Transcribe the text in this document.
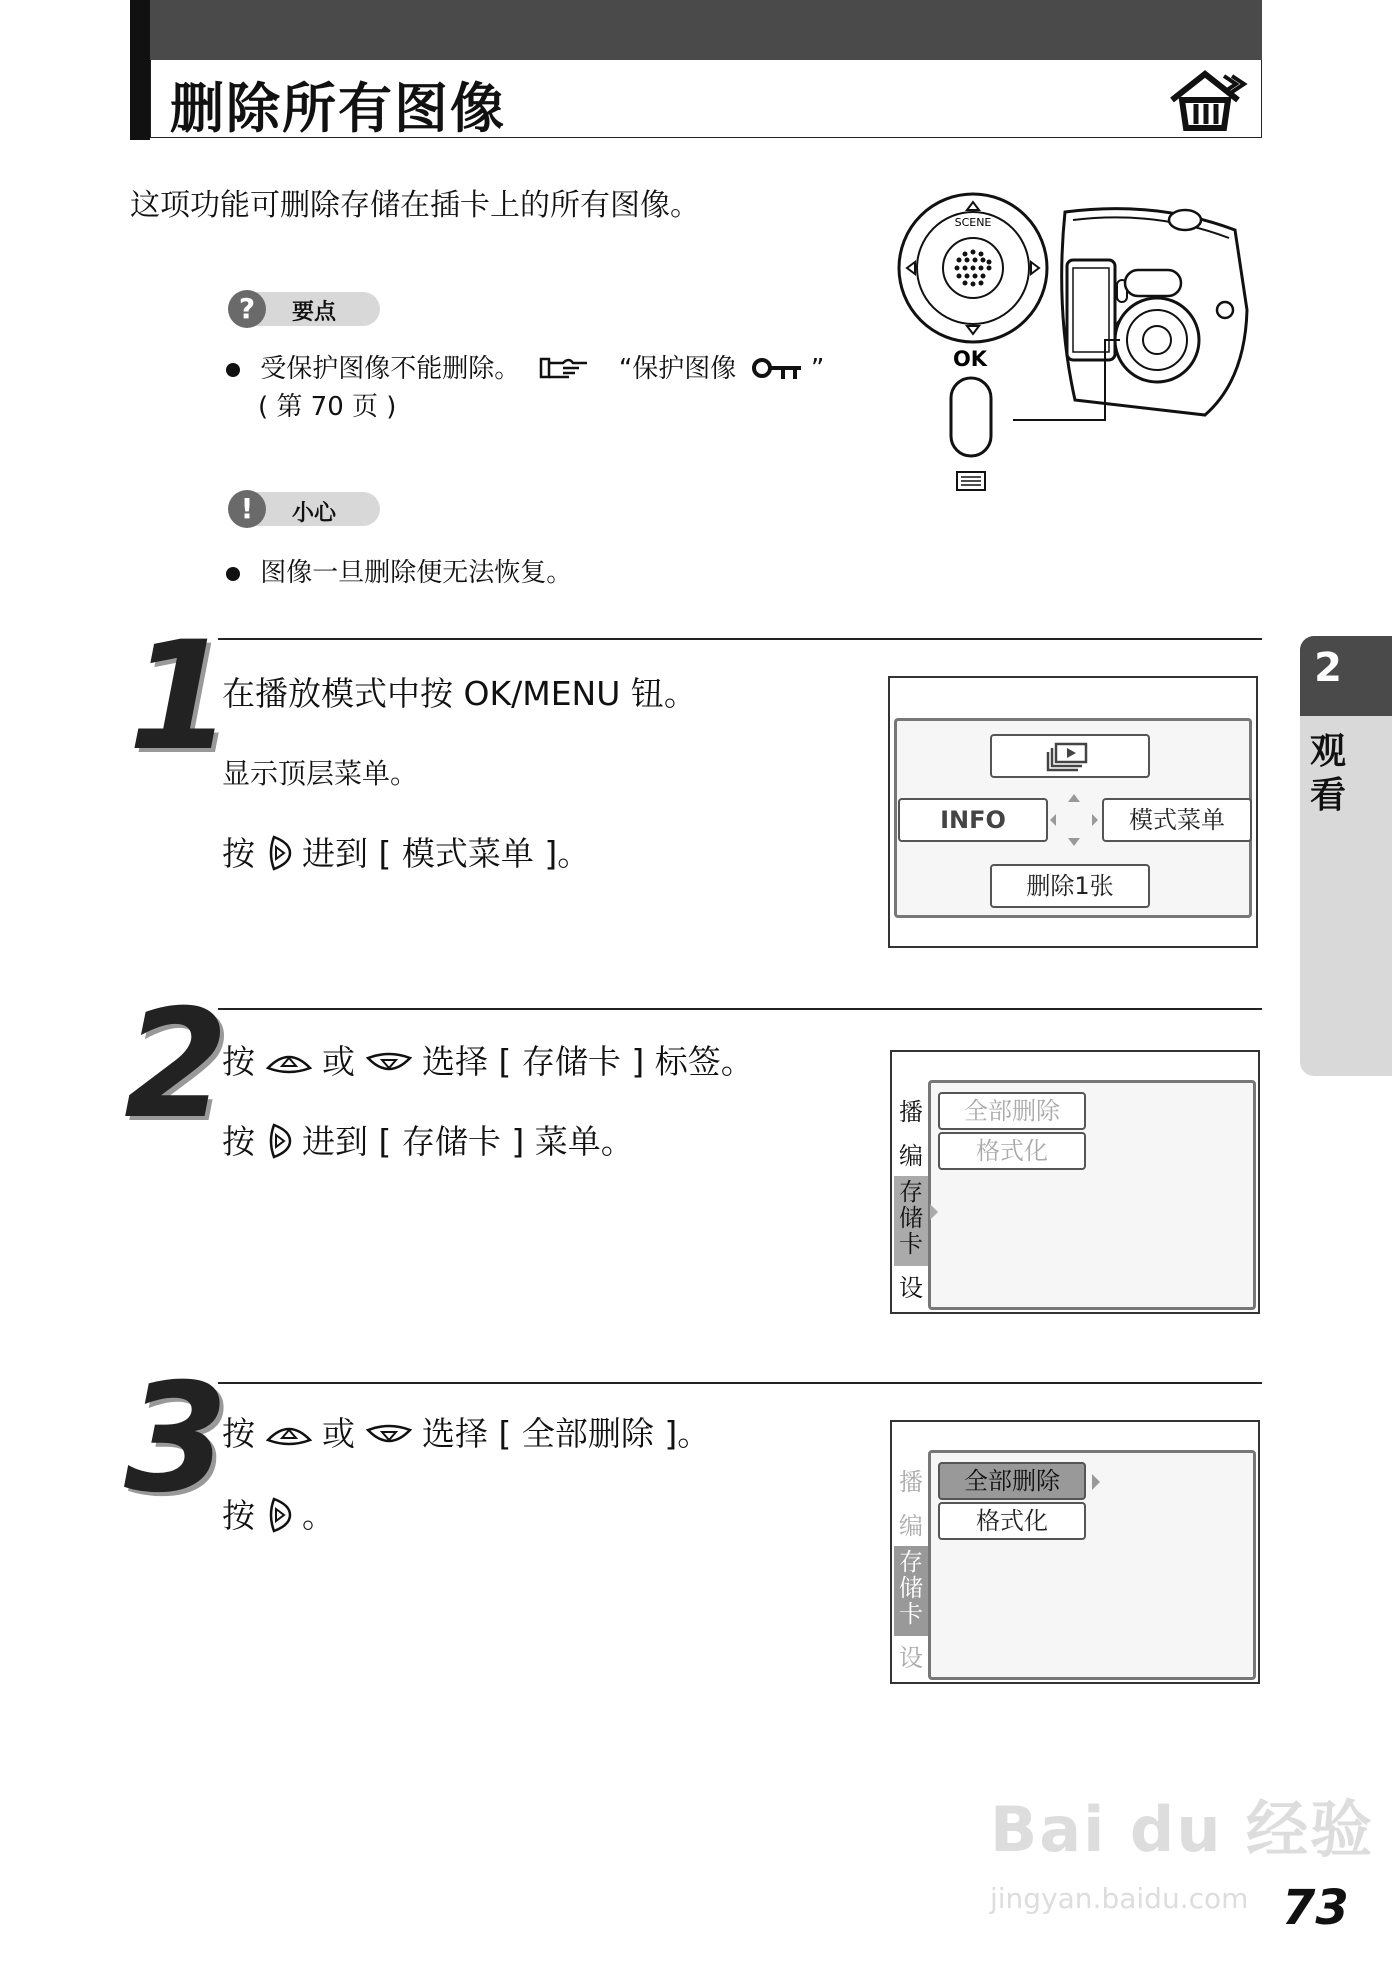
删除所有图像
这项功能可删除存储在插卡上的所有图像。
?	要点
受保护图像不能删除。	“保护图像	”
( 第 70 页 )
!	小心
图像一旦删除便无法恢复。
SCENE
OK
1
在播放模式中按 OK/MENU 钮。
显示顶层菜单。
按 进到 [ 模式菜单 ]。
INFO	模式菜单
删除1张
2
按 或 选择 [ 存储卡 ] 标签。
按 进到 [ 存储卡 ] 菜单。
播
编
存
储
卡
设
全部删除
格式化
3
按 或 选择 [ 全部删除 ]。
按 。
播
编
存
储
卡
设
全部删除
格式化
2
观
看
Bai du 经验
jingyan.baidu.com 73
